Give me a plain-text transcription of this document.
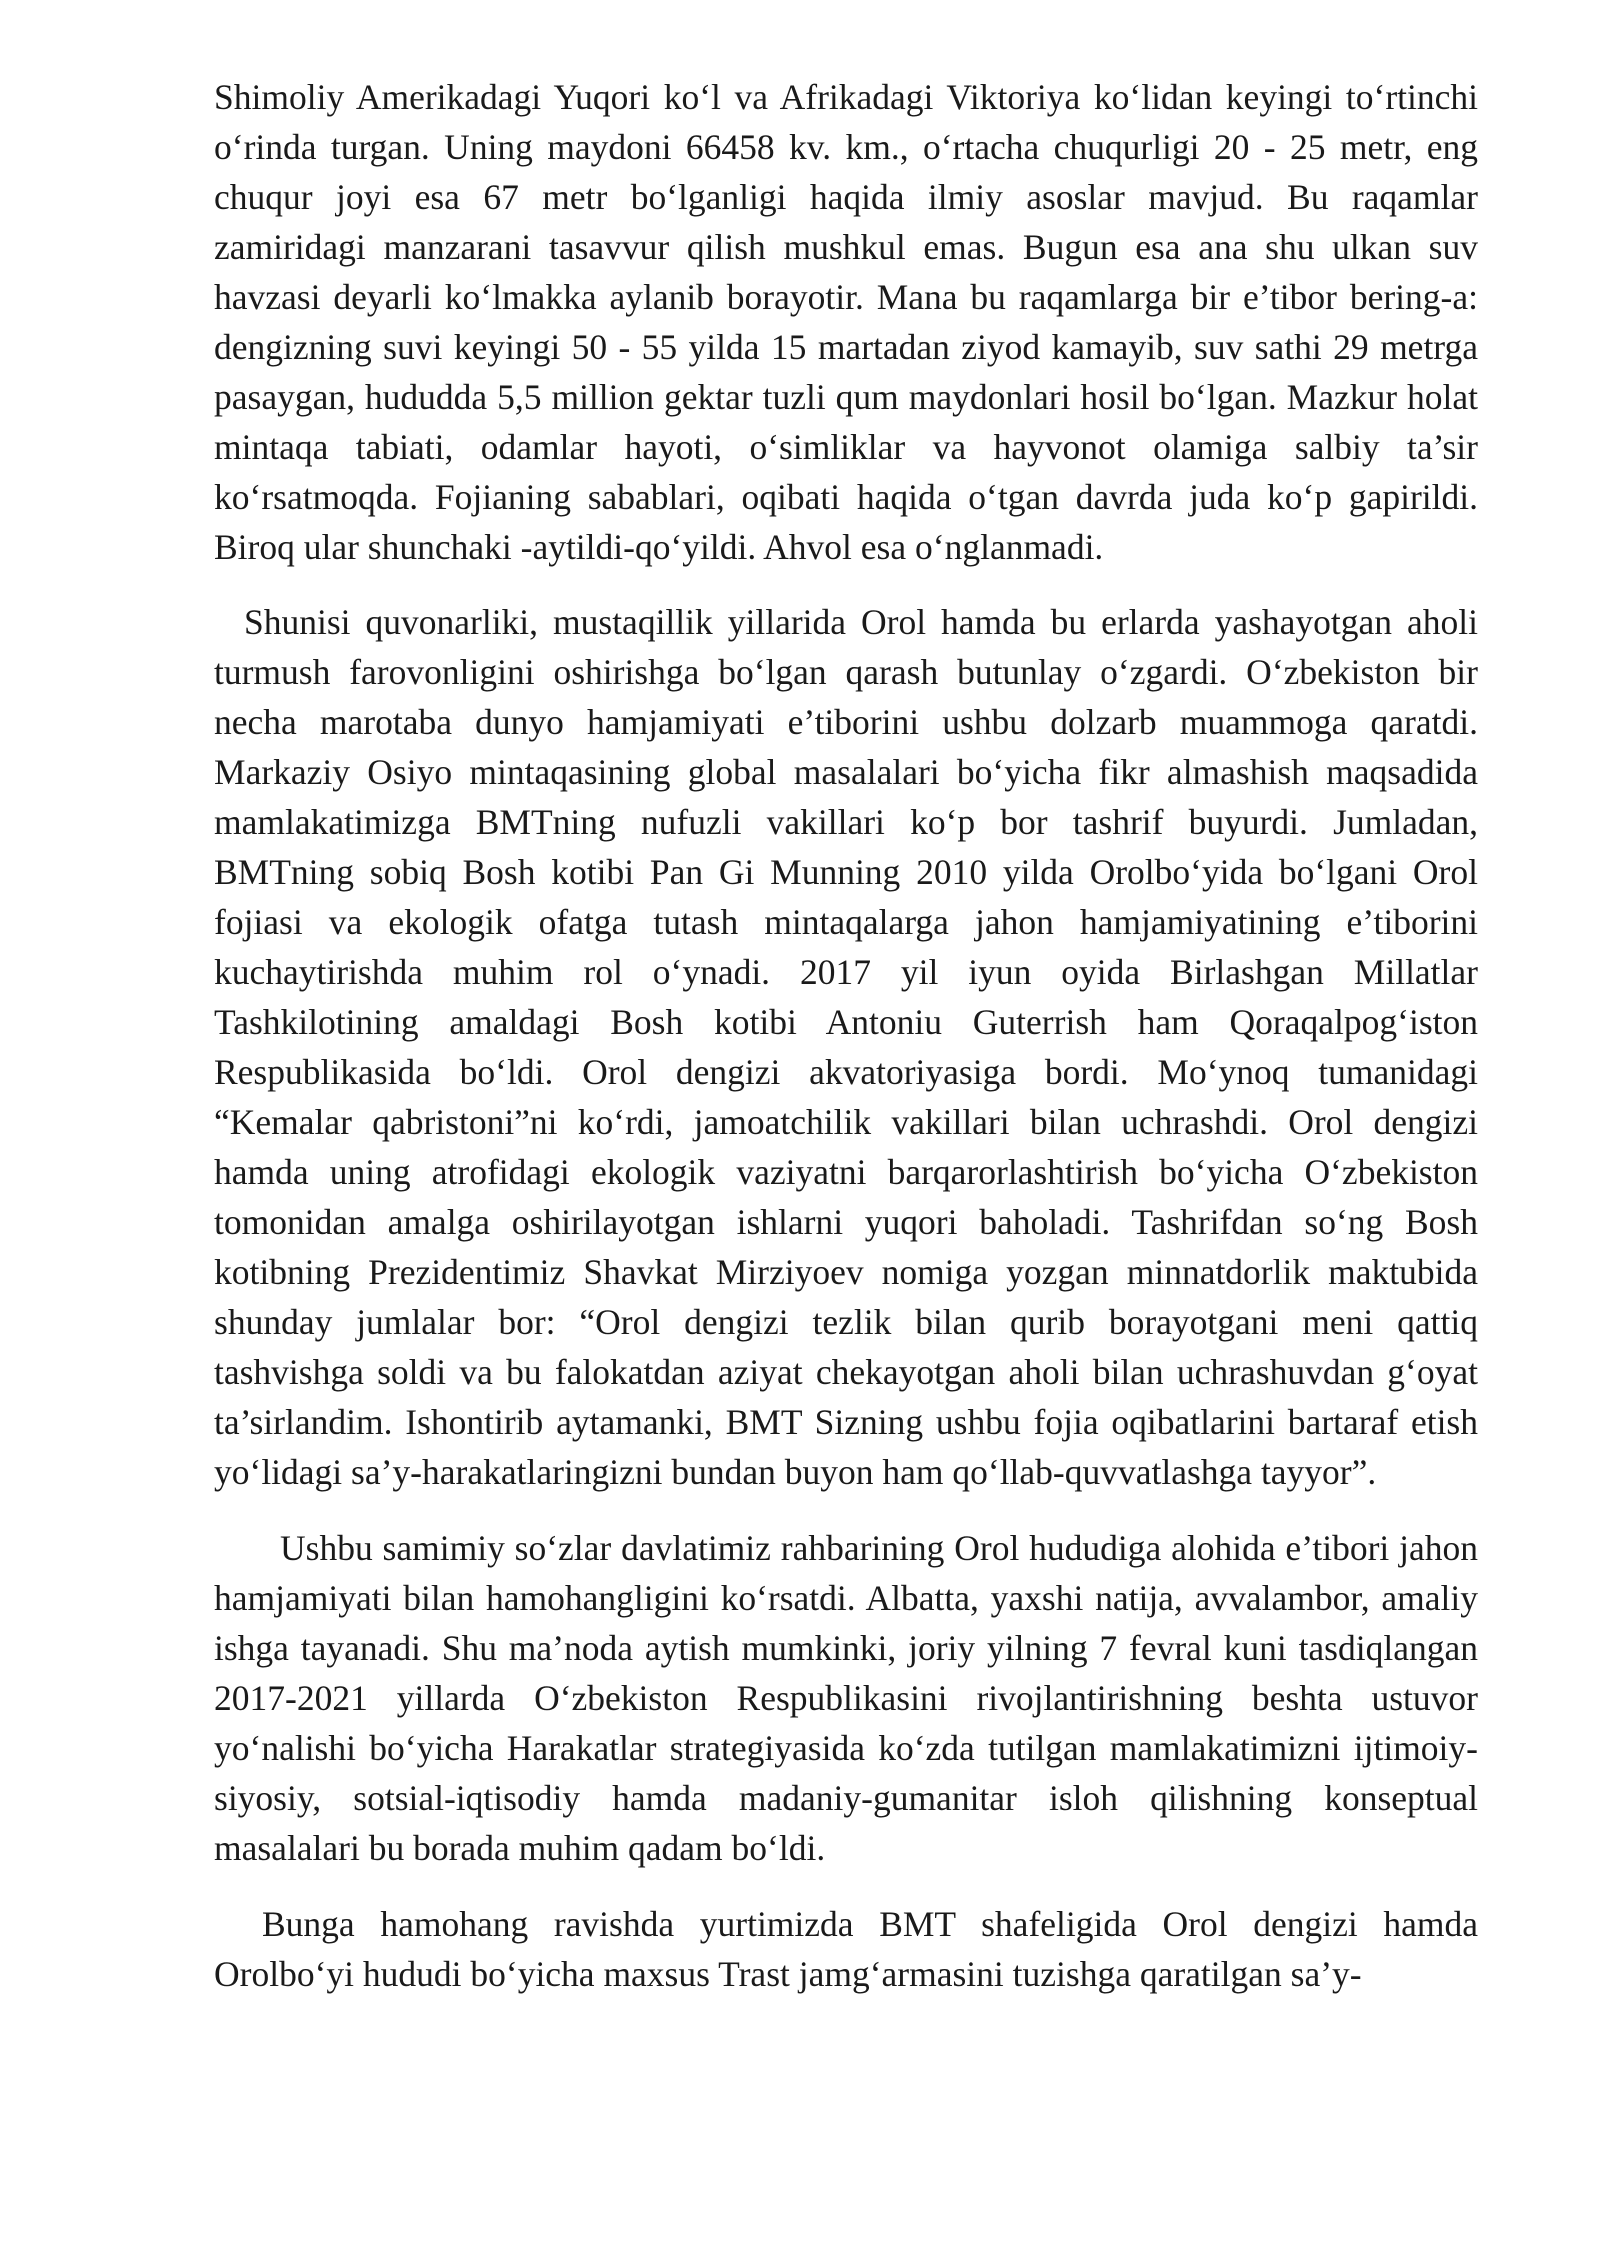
Shimoliy Amerikadagi Yuqori ko‘l va Afrikadagi Viktoriya ko‘lidan keyingi to‘rtinchi o‘rinda turgan. Uning maydoni 66458 kv. km., o‘rtacha chuqurligi 20 - 25 metr, eng chuqur joyi esa 67 metr bo‘lganligi haqida ilmiy asoslar mavjud. Bu raqamlar zamiridagi manzarani tasavvur qilish mushkul emas. Bugun esa ana shu ulkan suv havzasi deyarli ko‘lmakka aylanib borayotir. Mana bu raqamlarga bir e’tibor bering-a: dengizning suvi keyingi 50 - 55 yilda 15 martadan ziyod kamayib, suv sathi 29 metrga pasaygan, hududda 5,5 million gektar tuzli qum maydonlari hosil bo‘lgan. Mazkur holat mintaqa tabiati, odamlar hayoti, o‘simliklar va hayvonot olamiga salbiy ta’sir ko‘rsatmoqda. Fojianing sabablari, oqibati haqida o‘tgan davrda juda ko‘p gapirildi. Biroq ular shunchaki -aytildi-qo‘yildi. Ahvol esa o‘nglanmadi.

Shunisi quvonarliki, mustaqillik yillarida Orol hamda bu erlarda yashayotgan aholi turmush farovonligini oshirishga bo‘lgan qarash butunlay o‘zgardi. O‘zbekiston bir necha marotaba dunyo hamjamiyati e’tiborini ushbu dolzarb muammoga qaratdi. Markaziy Osiyo mintaqasining global masalalari bo‘yicha fikr almashish maqsadida mamlakatimizga BMTning nufuzli vakillari ko‘p bor tashrif buyurdi. Jumladan, BMTning sobiq Bosh kotibi Pan Gi Munning 2010 yilda Orolbo‘yida bo‘lgani Orol fojiasi va ekologik ofatga tutash mintaqalarga jahon hamjamiyatining e’tiborini kuchaytirishda muhim rol o‘ynadi. 2017 yil iyun oyida Birlashgan Millatlar Tashkilotining amaldagi Bosh kotibi Antoniu Guterrish ham Qoraqalpog‘iston Respublikasida bo‘ldi. Orol dengizi akvatoriyasiga bordi. Mo‘ynoq tumanidagi “Kemalar qabristoni”ni ko‘rdi, jamoatchilik vakillari bilan uchrashdi. Orol dengizi hamda uning atrofidagi ekologik vaziyatni barqarorlashtirish bo‘yicha O‘zbekiston tomonidan amalga oshirilayotgan ishlarni yuqori baholadi. Tashrifdan so‘ng Bosh kotibning Prezidentimiz Shavkat Mirziyoev nomiga yozgan minnatdorlik maktubida shunday jumlalar bor: “Orol dengizi tezlik bilan qurib borayotgani meni qattiq tashvishga soldi va bu falokatdan aziyat chekayotgan aholi bilan uchrashuvdan g‘oyat ta’sirlandim. Ishontirib aytamanki, BMT Sizning ushbu fojia oqibatlarini bartaraf etish yo‘lidagi sa’y-harakatlaringizni bundan buyon ham qo‘llab-quvvatlashga tayyor”.

Ushbu samimiy so‘zlar davlatimiz rahbarining Orol hududiga alohida e’tibori jahon hamjamiyati bilan hamohangligini ko‘rsatdi. Albatta, yaxshi natija, avvalambor, amaliy ishga tayanadi. Shu ma’noda aytish mumkinki, joriy yilning 7 fevral kuni tasdiqlangan 2017-2021 yillarda O‘zbekiston Respublikasini rivojlantirishning beshta ustuvor yo‘nalishi bo‘yicha Harakatlar strategiyasida ko‘zda tutilgan mamlakatimizni ijtimoiy-siyosiy, sotsial-iqtisodiy hamda madaniy-gumanitar isloh qilishning konseptual masalalari bu borada muhim qadam bo‘ldi.

Bunga hamohang ravishda yurtimizda BMT shafeligida Orol dengizi hamda Orolbo‘yi hududi bo‘yicha maxsus Trast jamg‘armasini tuzishga qaratilgan sa’y-
